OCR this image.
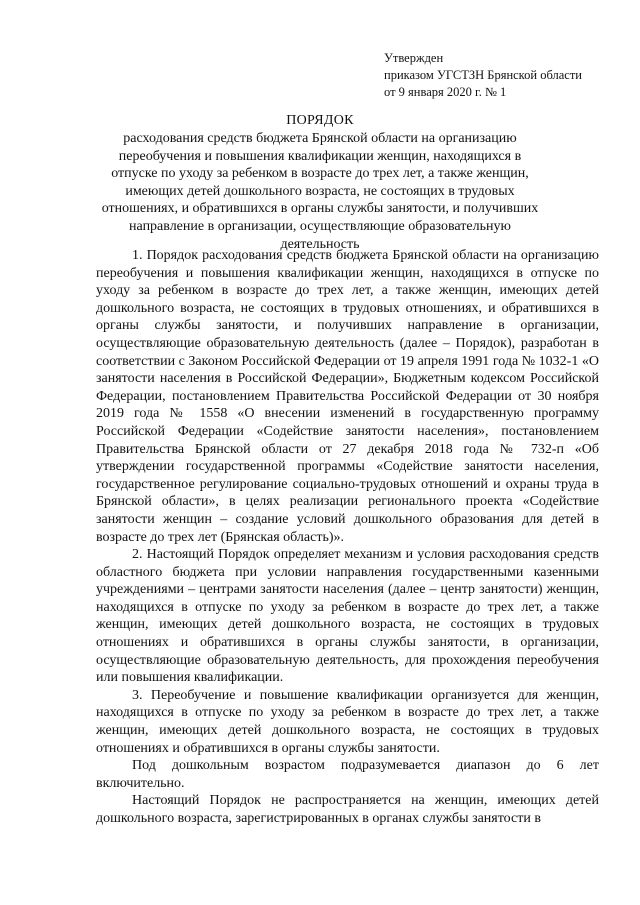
Утвержден
приказом УГСТЗН Брянской области
от 9 января 2020 г. № 1
ПОРЯДОК
расходования средств бюджета Брянской области на организацию переобучения и повышения квалификации женщин, находящихся в отпуске по уходу за ребенком в возрасте до трех лет, а также женщин, имеющих детей дошкольного возраста, не состоящих в трудовых отношениях, и обратившихся в органы службы занятости, и получивших направление в организации, осуществляющие образовательную деятельность

1. Порядок расходования средств бюджета Брянской области на организацию переобучения и повышения квалификации женщин, находящихся в отпуске по уходу за ребенком в возрасте до трех лет, а также женщин, имеющих детей дошкольного возраста, не состоящих в трудовых отношениях, и обратившихся в органы службы занятости, и получивших направление в организации, осуществляющие образовательную деятельность (далее – Порядок), разработан в соответствии с Законом Российской Федерации от 19 апреля 1991 года № 1032-1 «О занятости населения в Российской Федерации», Бюджетным кодексом Российской Федерации, постановлением Правительства Российской Федерации от 30 ноября 2019 года № 1558 «О внесении изменений в государственную программу Российской Федерации «Содействие занятости населения», постановлением Правительства Брянской области от 27 декабря 2018 года № 732-п «Об утверждении государственной программы «Содействие занятости населения, государственное регулирование социально-трудовых отношений и охраны труда в Брянской области», в целях реализации регионального проекта «Содействие занятости женщин – создание условий дошкольного образования для детей в возрасте до трех лет (Брянская область)».

2. Настоящий Порядок определяет механизм и условия расходования средств областного бюджета при условии направления государственными казенными учреждениями – центрами занятости населения (далее – центр занятости) женщин, находящихся в отпуске по уходу за ребенком в возрасте до трех лет, а также женщин, имеющих детей дошкольного возраста, не состоящих в трудовых отношениях и обратившихся в органы службы занятости, в организации, осуществляющие образовательную деятельность, для прохождения переобучения или повышения квалификации.

3. Переобучение и повышение квалификации организуется для женщин, находящихся в отпуске по уходу за ребенком в возрасте до трех лет, а также женщин, имеющих детей дошкольного возраста, не состоящих в трудовых отношениях и обратившихся в органы службы занятости.

Под дошкольным возрастом подразумевается диапазон до 6 лет включительно.

Настоящий Порядок не распространяется на женщин, имеющих детей дошкольного возраста, зарегистрированных в органах службы занятости в
